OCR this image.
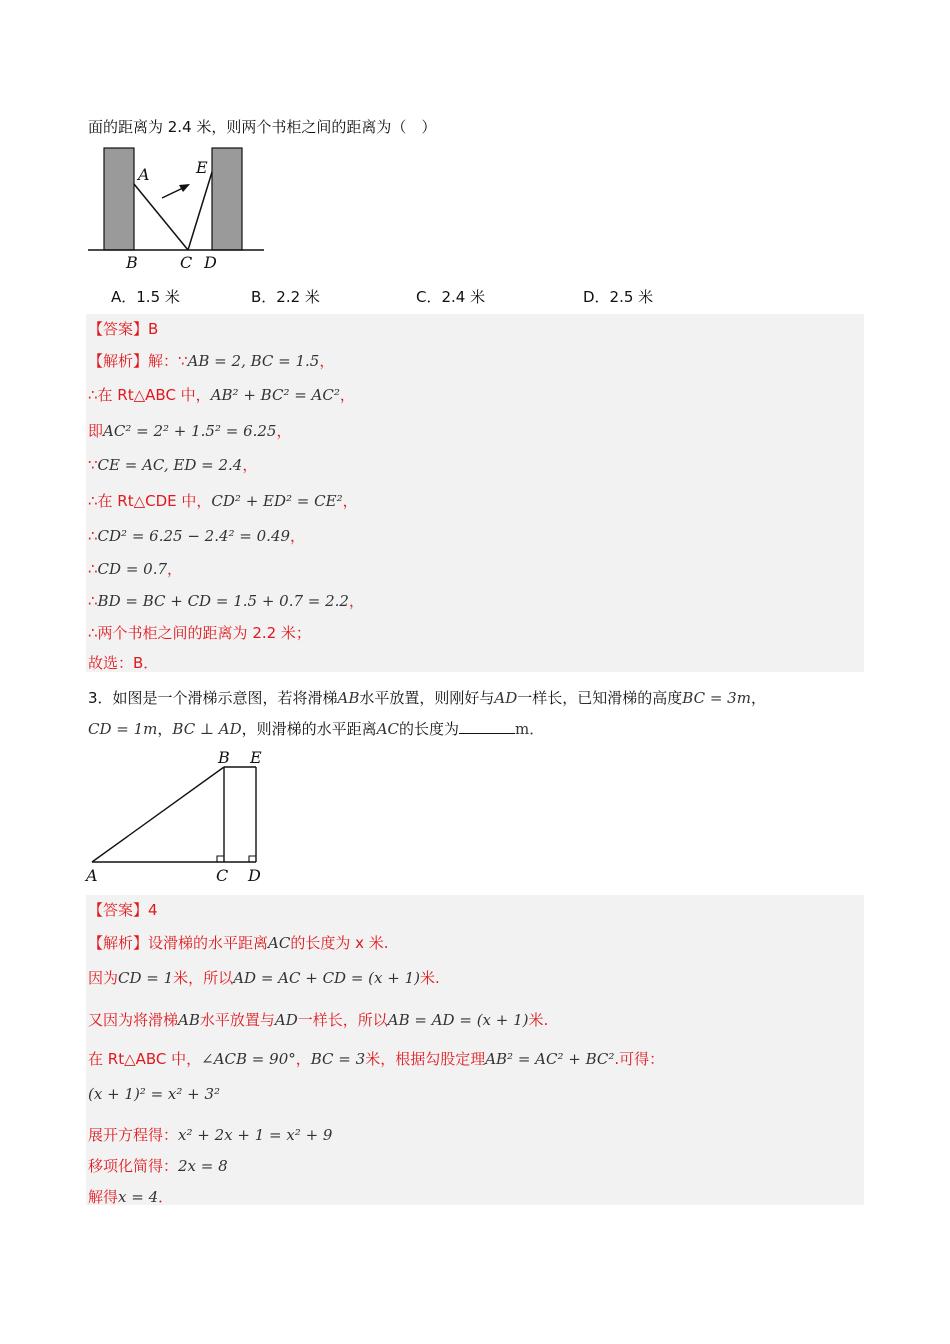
面的距离为 2.4 米，则两个书柜之间的距离为（　）
A	E
B	C D
A．1.5 米	B．2.2 米	C．2.4 米	D．2.5 米
【答案】B
【解析】解：∵AB = 2, BC = 1.5，
∴在 Rt△ABC 中，AB² + BC² = AC²，
即AC² = 2² + 1.5² = 6.25，
∵CE = AC, ED = 2.4，
∴在 Rt△CDE 中，CD² + ED² = CE²，
∴CD² = 6.25 − 2.4² = 0.49，
∴CD = 0.7，
∴BD = BC + CD = 1.5 + 0.7 = 2.2，
∴两个书柜之间的距离为 2.2 米；
故选：B．
3．如图是一个滑梯示意图，若将滑梯AB水平放置，则刚好与AD一样长，已知滑梯的高度BC = 3m，
CD = 1m，BC ⊥ AD，则滑梯的水平距离AC的长度为	m．
B E
A	C D
【答案】4
【解析】设滑梯的水平距离AC的长度为 x 米.
因为CD = 1米，所以AD = AC + CD = (x + 1)米.
又因为将滑梯AB水平放置与AD一样长，所以AB = AD = (x + 1)米.
在 Rt△ABC 中，∠ACB = 90°，BC = 3米，根据勾股定理AB² = AC² + BC².可得：
(x + 1)² = x² + 3²
展开方程得：x² + 2x + 1 = x² + 9
移项化简得：2x = 8
解得x = 4．
